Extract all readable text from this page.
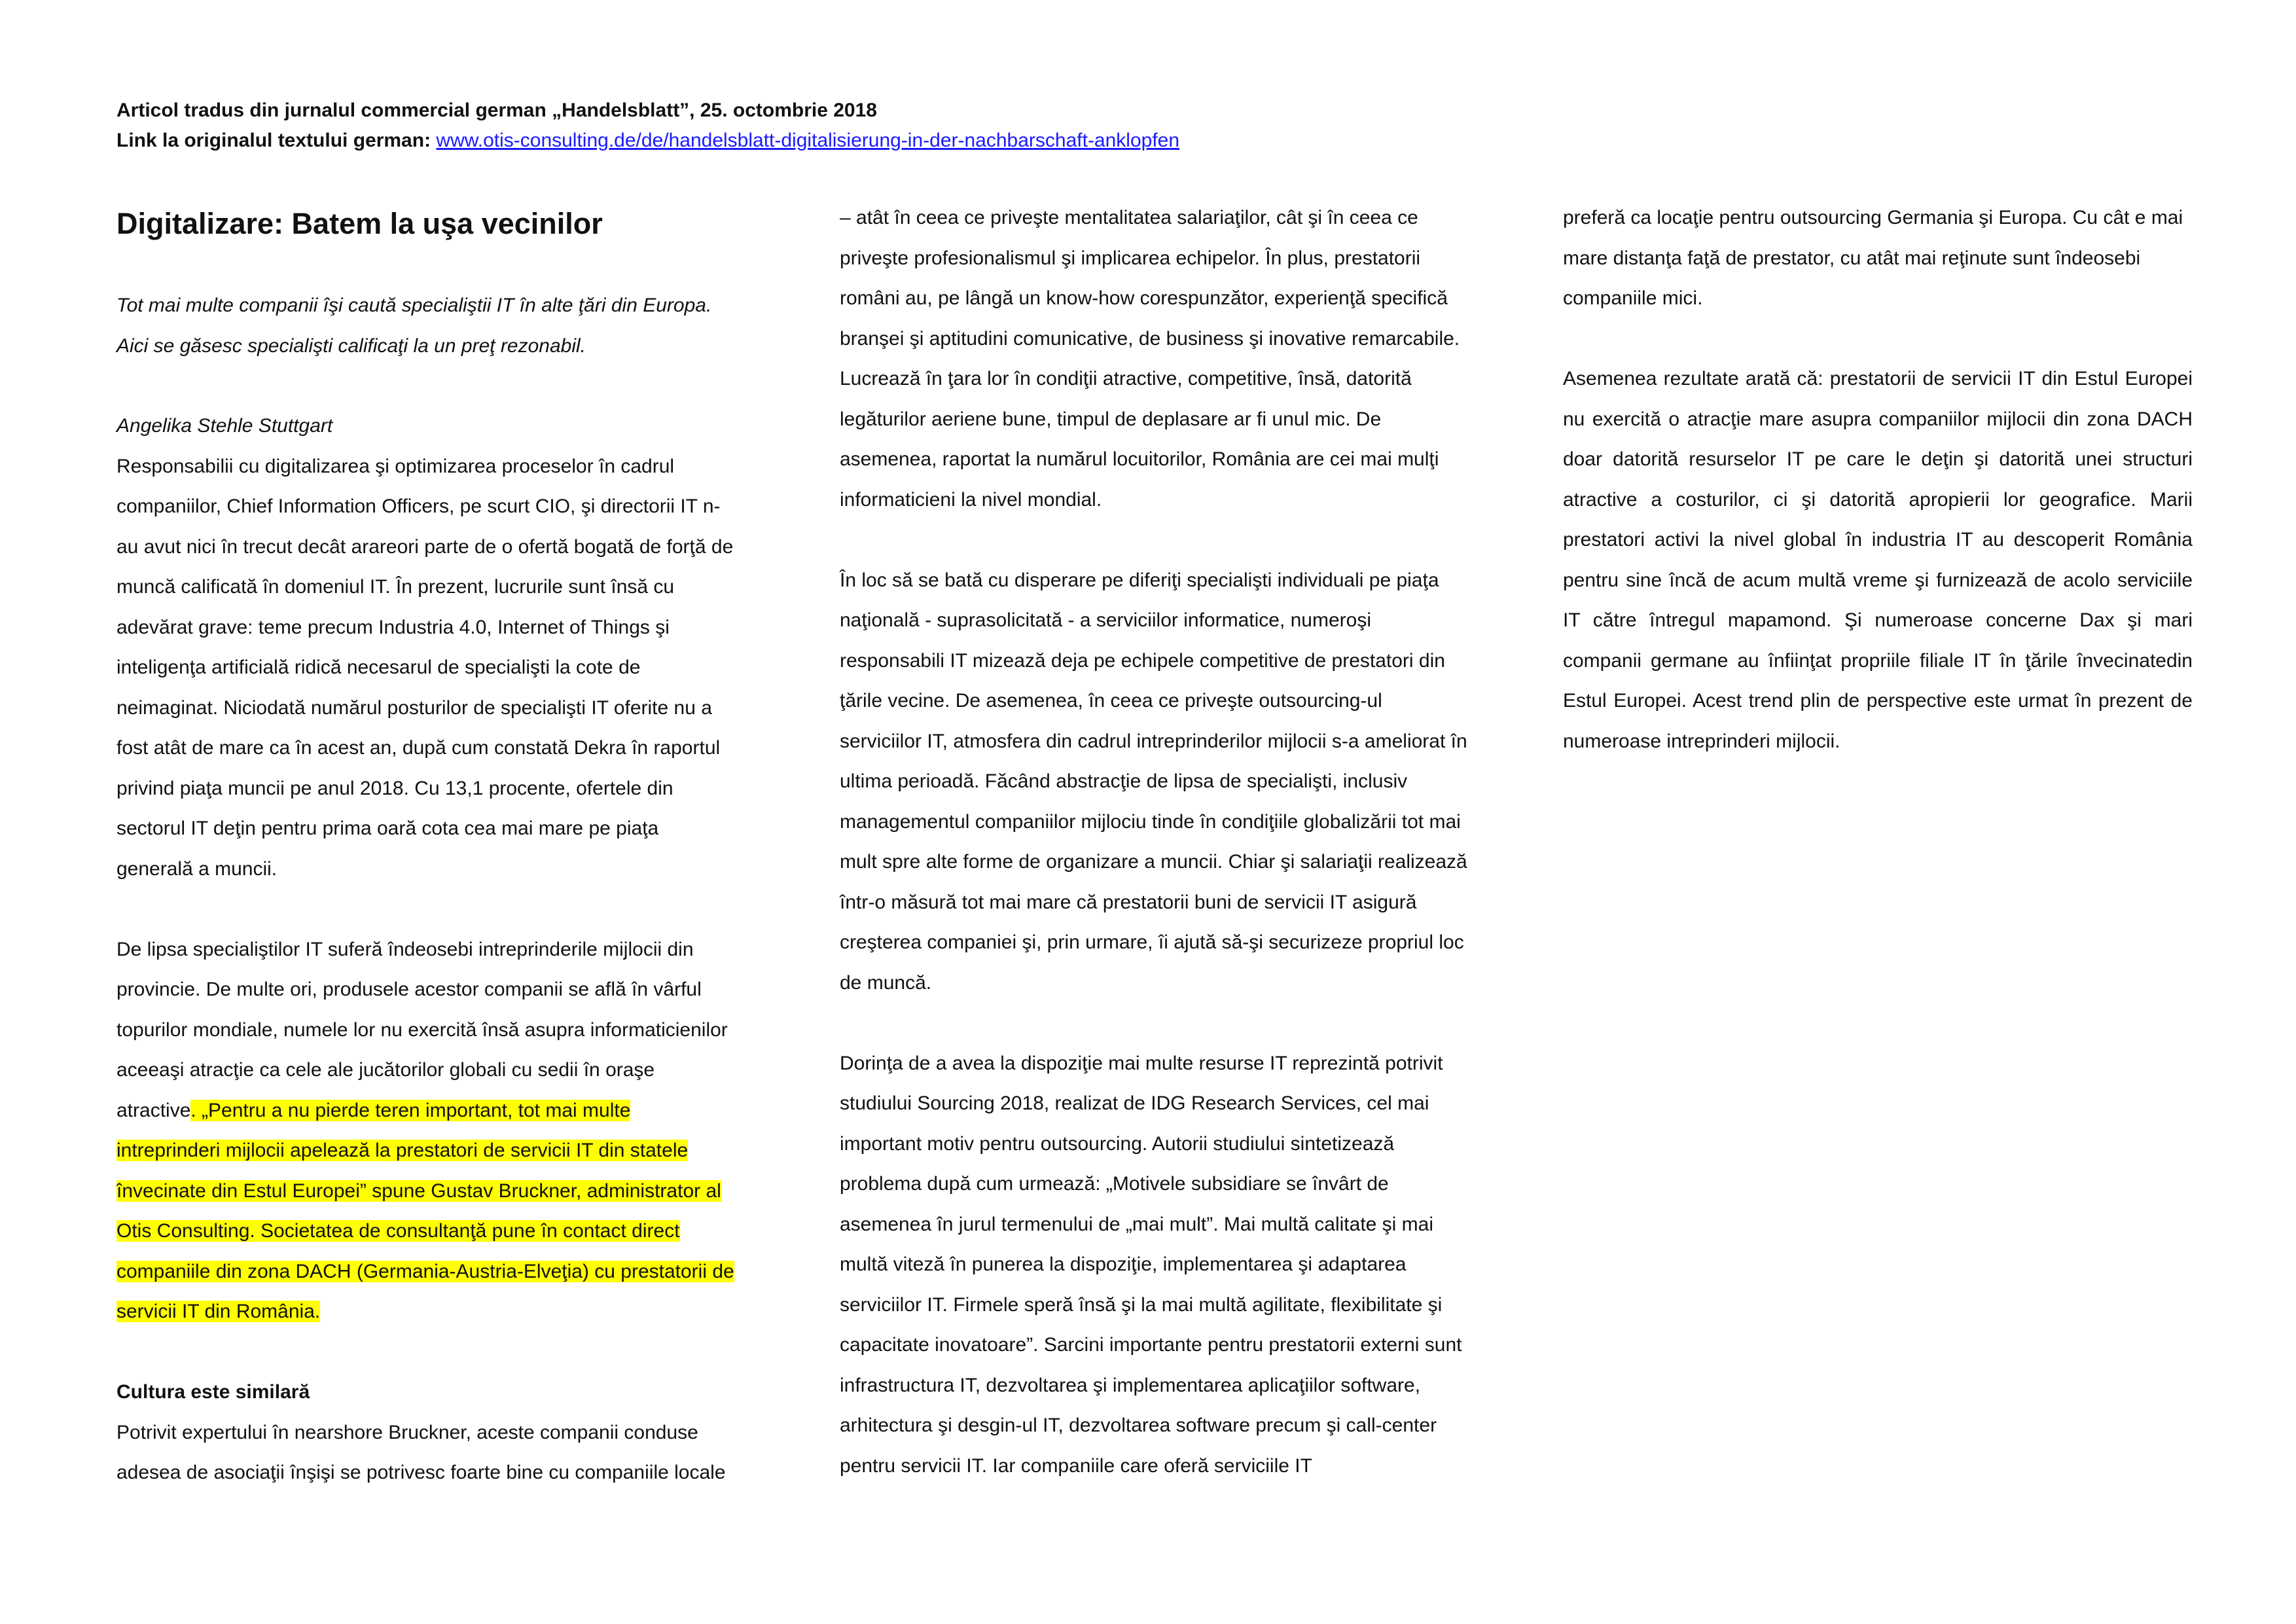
Articol tradus din jurnalul commercial german „Handelsblatt”, 25. octombrie 2018
Link la originalul textului german: www.otis-consulting.de/de/handelsblatt-digitalisierung-in-der-nachbarschaft-anklopfen
Digitalizare: Batem la uşa vecinilor

Tot mai multe companii îşi caută specialiştii IT în alte ţări din Europa. Aici se găsesc specialişti calificaţi la un preţ rezonabil.

Angelika Stehle Stuttgart

Responsabilii cu digitalizarea şi optimizarea proceselor în cadrul companiilor, Chief Information Officers, pe scurt CIO, şi directorii IT n-au avut nici în trecut decât arareori parte de o ofertă bogată de forţă de muncă calificată în domeniul IT. În prezent, lucrurile sunt însă cu adevărat grave: teme precum Industria 4.0, Internet of Things şi inteligenţa artificială ridică necesarul de specialişti la cote de neimaginat. Niciodată numărul posturilor de specialişti IT oferite nu a fost atât de mare ca în acest an, după cum constată Dekra în raportul privind piaţa muncii pe anul 2018. Cu 13,1 procente, ofertele din sectorul IT deţin pentru prima oară cota cea mai mare pe piaţa generală a muncii.

De lipsa specialiştilor IT suferă îndeosebi intreprinderile mijlocii din provincie. De multe ori, produsele acestor companii se află în vârful topurilor mondiale, numele lor nu exercită însă asupra informaticienilor aceeaşi atracţie ca cele ale jucătorilor globali cu sedii în oraşe atractive. „Pentru a nu pierde teren important, tot mai multe intreprinderi mijlocii apelează la prestatori de servicii IT din statele învecinate din Estul Europei” spune Gustav Bruckner, administrator al Otis Consulting. Societatea de consultanţă pune în contact direct companiile din zona DACH (Germania-Austria-Elveţia) cu prestatorii de servicii IT din România.

Cultura este similară

Potrivit expertului în nearshore Bruckner, aceste companii conduse adesea de asociaţii înşişi se potrivesc foarte bine cu companiile locale

– atât în ceea ce priveşte mentalitatea salariaţilor, cât şi în ceea ce priveşte profesionalismul şi implicarea echipelor. În plus, prestatorii români au, pe lângă un know-how corespunzător, experienţă specifică branşei şi aptitudini comunicative, de business şi inovative remarcabile. Lucrează în ţara lor în condiţii atractive, competitive, însă, datorită legăturilor aeriene bune, timpul de deplasare ar fi unul mic. De asemenea, raportat la numărul locuitorilor, România are cei mai mulţi informaticieni la nivel mondial.

În loc să se bată cu disperare pe diferiţi specialişti individuali pe piaţa naţională - suprasolicitată - a serviciilor informatice, numeroşi responsabili IT mizează deja pe echipele competitive de prestatori din ţările vecine. De asemenea, în ceea ce priveşte outsourcing-ul serviciilor IT, atmosfera din cadrul intreprinderilor mijlocii s-a ameliorat în ultima perioadă. Făcând abstracţie de lipsa de specialişti, inclusiv managementul companiilor mijlociu tinde în condiţiile globalizării tot mai mult spre alte forme de organizare a muncii. Chiar şi salariaţii realizează într-o măsură tot mai mare că prestatorii buni de servicii IT asigură creşterea companiei şi, prin urmare, îi ajută să-şi securizeze propriul loc de muncă.

Dorinţa de a avea la dispoziţie mai multe resurse IT reprezintă potrivit studiului Sourcing 2018, realizat de IDG Research Services, cel mai important motiv pentru outsourcing. Autorii studiului sintetizează problema după cum urmează: „Motivele subsidiare se învârt de asemenea în jurul termenului de „mai mult”. Mai multă calitate şi mai multă viteză în punerea la dispoziţie, implementarea şi adaptarea serviciilor IT. Firmele speră însă şi la mai multă agilitate, flexibilitate şi capacitate inovatoare”. Sarcini importante pentru prestatorii externi sunt infrastructura IT, dezvoltarea şi implementarea aplicaţiilor software, arhitectura şi desgin-ul IT, dezvoltarea software precum şi call-center pentru servicii IT. Iar companiile care oferă serviciile IT

preferă ca locaţie pentru outsourcing Germania şi Europa. Cu cât e mai mare distanţa faţă de prestator, cu atât mai reţinute sunt îndeosebi companiile mici.

Asemenea rezultate arată că: prestatorii de servicii IT din Estul Europei nu exercită o atracţie mare asupra companiilor mijlocii din zona DACH doar datorită resurselor IT pe care le deţin şi datorită unei structuri atractive a costurilor, ci şi datorită apropierii lor geografice. Marii prestatori activi la nivel global în industria IT au descoperit România pentru sine încă de acum multă vreme şi furnizează de acolo serviciile IT către întregul mapamond. Şi numeroase concerne Dax şi mari companii germane au înfiinţat propriile filiale IT în ţările învecinatedin Estul Europei. Acest trend plin de perspective este urmat în prezent de numeroase intreprinderi mijlocii.
